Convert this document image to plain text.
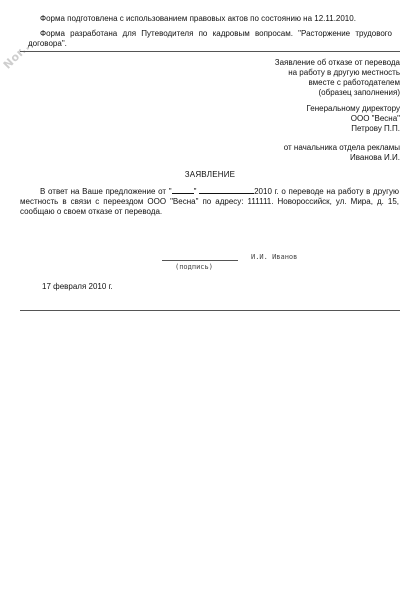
Nor...
Форма подготовлена с использованием правовых актов по состоянию на 12.11.2010.
Форма разработана для Путеводителя по кадровым вопросам. "Расторжение трудового договора".
Заявление об отказе от перевода
на работу в другую местность
вместе с работодателем
(образец заполнения)
Генеральному директору
ООО "Весна"
Петрову П.П.
от начальника отдела рекламы
Иванова И.И.
ЗАЯВЛЕНИЕ
В ответ на Ваше предложение от "	"	2010 г. о переводе на работу в другую местность в связи с переездом ООО "Весна" по адресу: 111111. Новороссийск, ул. Мира, д. 15, сообщаю о своем отказе от перевода.
И.И. Иванов
(подпись)
17 февраля 2010 г.
